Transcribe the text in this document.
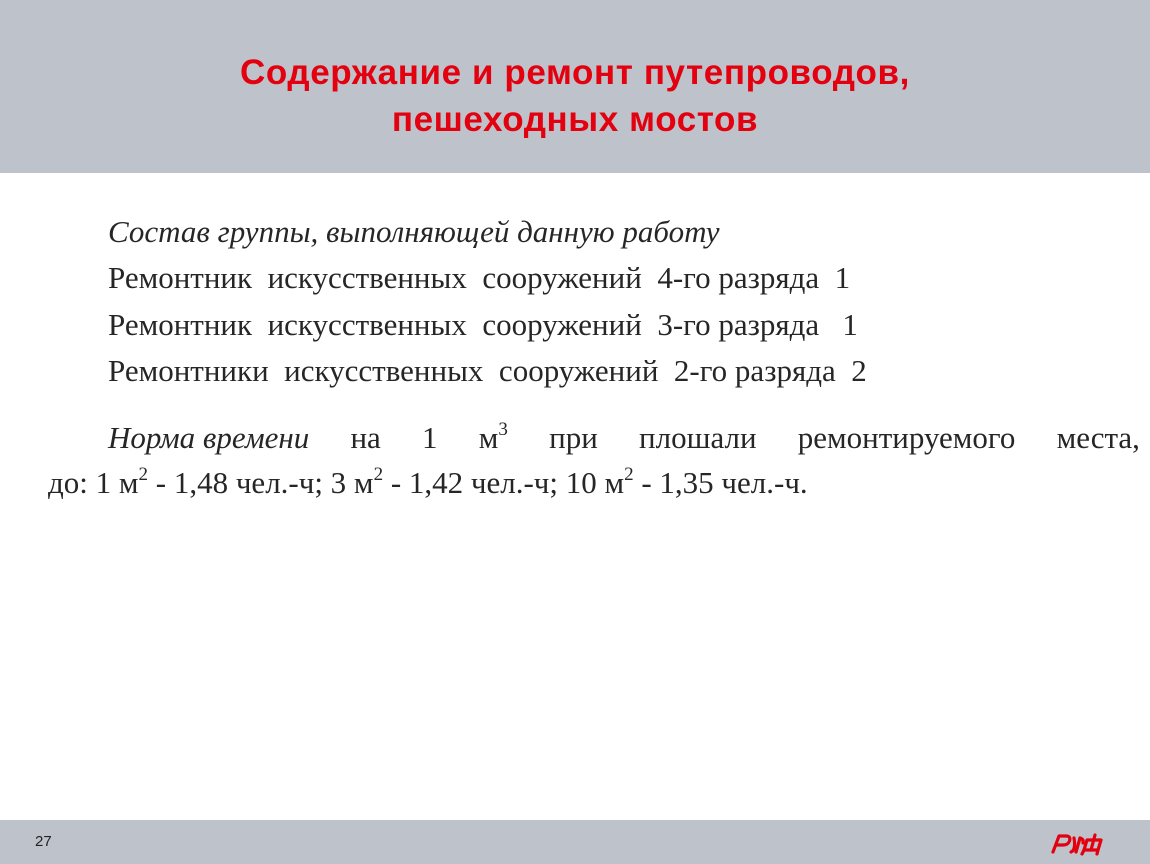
Содержание и ремонт путепроводов,
пешеходных мостов
Состав группы, выполняющей данную работу
Ремонтник  искусственных  сооружений  4-го разряда  1
Ремонтник  искусственных  сооружений  3-го разряда   1
Ремонтники  искусственных  сооружений  2-го разряда  2
Норма времени на 1 $м^3$ при плошали ремонтируемого места,
до: 1 $м^2 - 1,48$ чел.-ч; 3 $м^2 - 1,42$ чел.-ч; 10 $м^2 - 1,35$ чел.-ч.
27
